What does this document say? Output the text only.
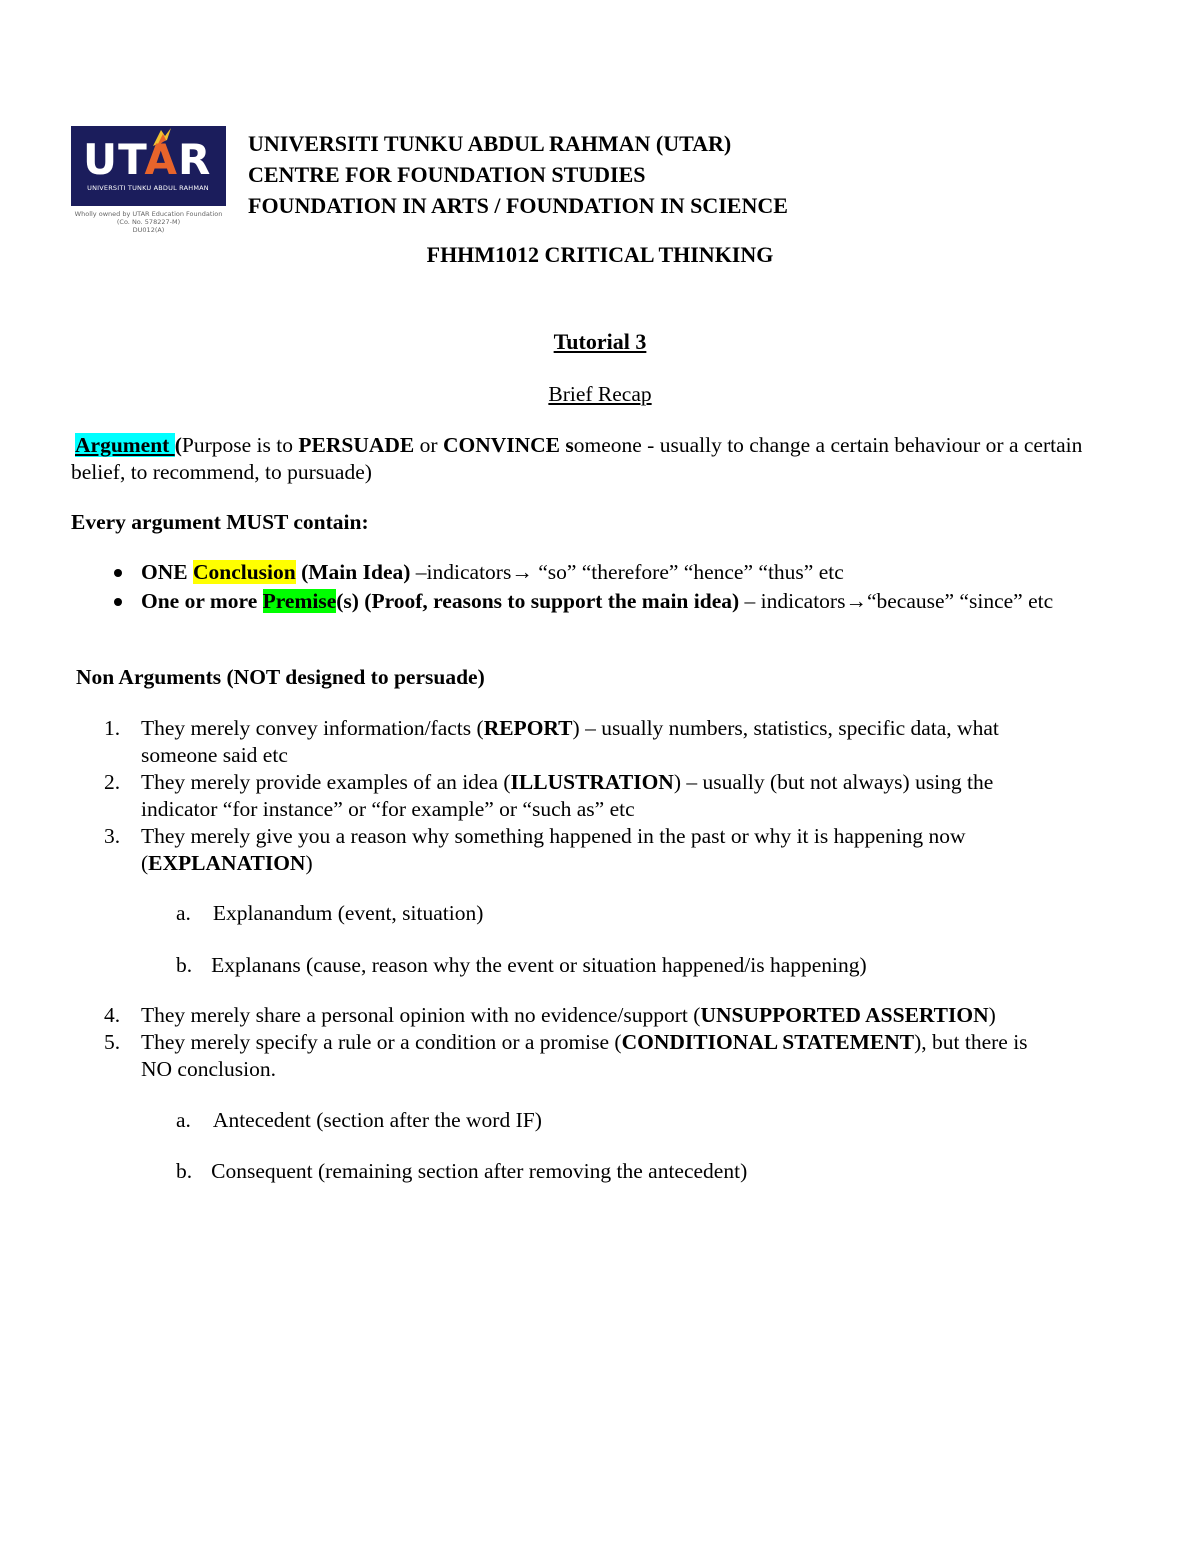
UTAR
UNIVERSITI TUNKU ABDUL RAHMAN
Wholly owned by UTAR Education Foundation
(Co. No. 578227-M)
DU012(A)
UNIVERSITI TUNKU ABDUL RAHMAN (UTAR)
CENTRE FOR FOUNDATION STUDIES
FOUNDATION IN ARTS / FOUNDATION IN SCIENCE
FHHM1012 CRITICAL THINKING
Tutorial 3
Brief Recap
Argument (Purpose is to PERSUADE or CONVINCE someone - usually to change a certain behaviour or a certain belief, to recommend, to pursuade)
Every argument MUST contain:
ONE Conclusion (Main Idea) –indicators→ “so” “therefore” “hence” “thus” etc
One or more Premise(s) (Proof, reasons to support the main idea) – indicators→“because” “since” etc
Non Arguments (NOT designed to persuade)
1. They merely convey information/facts (REPORT) – usually numbers, statistics, specific data, what
someone said etc
2. They merely provide examples of an idea (ILLUSTRATION) – usually (but not always) using the
indicator “for instance” or “for example” or “such as” etc
3. They merely give you a reason why something happened in the past or why it is happening now
(EXPLANATION)
a. Explanandum (event, situation)
b. Explanans (cause, reason why the event or situation happened/is happening)
4. They merely share a personal opinion with no evidence/support (UNSUPPORTED ASSERTION)
5. They merely specify a rule or a condition or a promise (CONDITIONAL STATEMENT), but there is
NO conclusion.
a. Antecedent (section after the word IF)
b. Consequent (remaining section after removing the antecedent)
